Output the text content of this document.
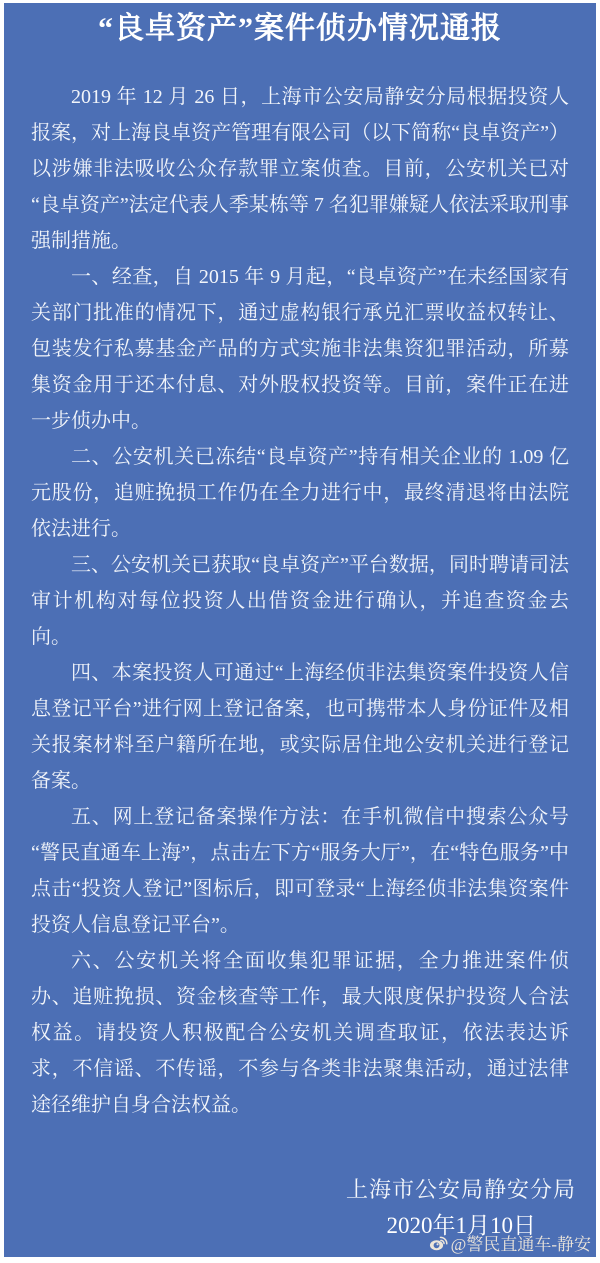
“良卓资产”案件侦办情况通报

2019 年 12 月 26 日，上海市公安局静安分局根据投资人报案，对上海良卓资产管理有限公司（以下简称“良卓资产”）以涉嫌非法吸收公众存款罪立案侦查。目前，公安机关已对“良卓资产”法定代表人季某栋等 7 名犯罪嫌疑人依法采取刑事强制措施。

一、经查，自 2015 年 9 月起，“良卓资产”在未经国家有关部门批准的情况下，通过虚构银行承兑汇票收益权转让、包装发行私募基金产品的方式实施非法集资犯罪活动，所募集资金用于还本付息、对外股权投资等。目前，案件正在进一步侦办中。

二、公安机关已冻结“良卓资产”持有相关企业的 1.09 亿元股份，追赃挽损工作仍在全力进行中，最终清退将由法院依法进行。

三、公安机关已获取“良卓资产”平台数据，同时聘请司法审计机构对每位投资人出借资金进行确认，并追查资金去向。

四、本案投资人可通过“上海经侦非法集资案件投资人信息登记平台”进行网上登记备案，也可携带本人身份证件及相关报案材料至户籍所在地，或实际居住地公安机关进行登记备案。

五、网上登记备案操作方法：在手机微信中搜索公众号“警民直通车上海”，点击左下方“服务大厅”，在“特色服务”中点击“投资人登记”图标后，即可登录“上海经侦非法集资案件投资人信息登记平台”。

六、公安机关将全面收集犯罪证据，全力推进案件侦办、追赃挽损、资金核查等工作，最大限度保护投资人合法权益。请投资人积极配合公安机关调查取证，依法表达诉求，不信谣、不传谣，不参与各类非法聚集活动，通过法律途径维护自身合法权益。

上海市公安局静安分局
2020年1月10日
@警民直通车-静安
